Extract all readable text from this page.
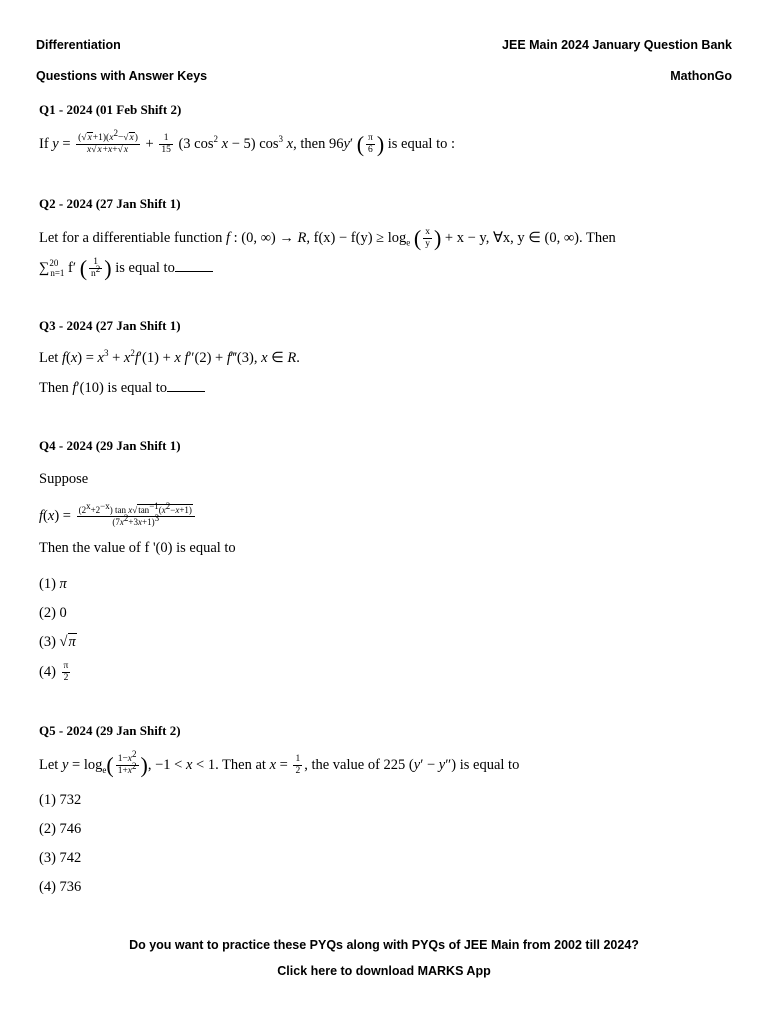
Differentiation
Questions with Answer Keys
JEE Main 2024 January Question Bank
MathonGo
Q1 - 2024 (01 Feb Shift 2)
If $y = \frac{(√x+1)(x^2-√x)}{x√x+x+√x} + \frac{1}{15} (3$ $\cos^2 x - 5$) $\cos^3 x$, then 96y′ ( $\frac{\pi}{6}$ ) is equal to :
Q2 - 2024 (27 Jan Shift 1)
Let for a differentiable function f : (0, ∞) → R, $f(x) - f(y) \ge \log_e$ ( $\frac{x}{y}$ ) + x − y, ∀x, y ∈ (0, ∞). Then
∑$^{20}_{n=1}$ f′ ( $\frac{1}{n^2}$ ) is equal to
Q3 - 2024 (27 Jan Shift 1)
Let $f(x) = x^3 + x^2f'(1) + x$ f″(2) + f‴(3), x ∈ R.
Then f′(10) is equal to
Q4 - 2024 (29 Jan Shift 1)
Suppose
$f(x) = \frac{(2^x+2^{-x}) \tan x√\tan^{-1}(x^2-x+1)}{(7x^2+3x+1)^3}$
Then the value of f '(0) is equal to
(1) π
(2) 0
(3) √π
$(4) \frac{\pi}{2}$
Q5 - 2024 (29 Jan Shift 2)
Let $y = \log_e( \frac{1-x^2}{1+x^2}$ ), −1 < x < 1. Then at $x = \frac{1}{2}$ , the value of 225 (y′ − y″) is equal to
(1) 732
(2) 746
(3) 742
(4) 736
Do you want to practice these PYQs along with PYQs of JEE Main from 2002 till 2024?
Click here to download MARKS App
